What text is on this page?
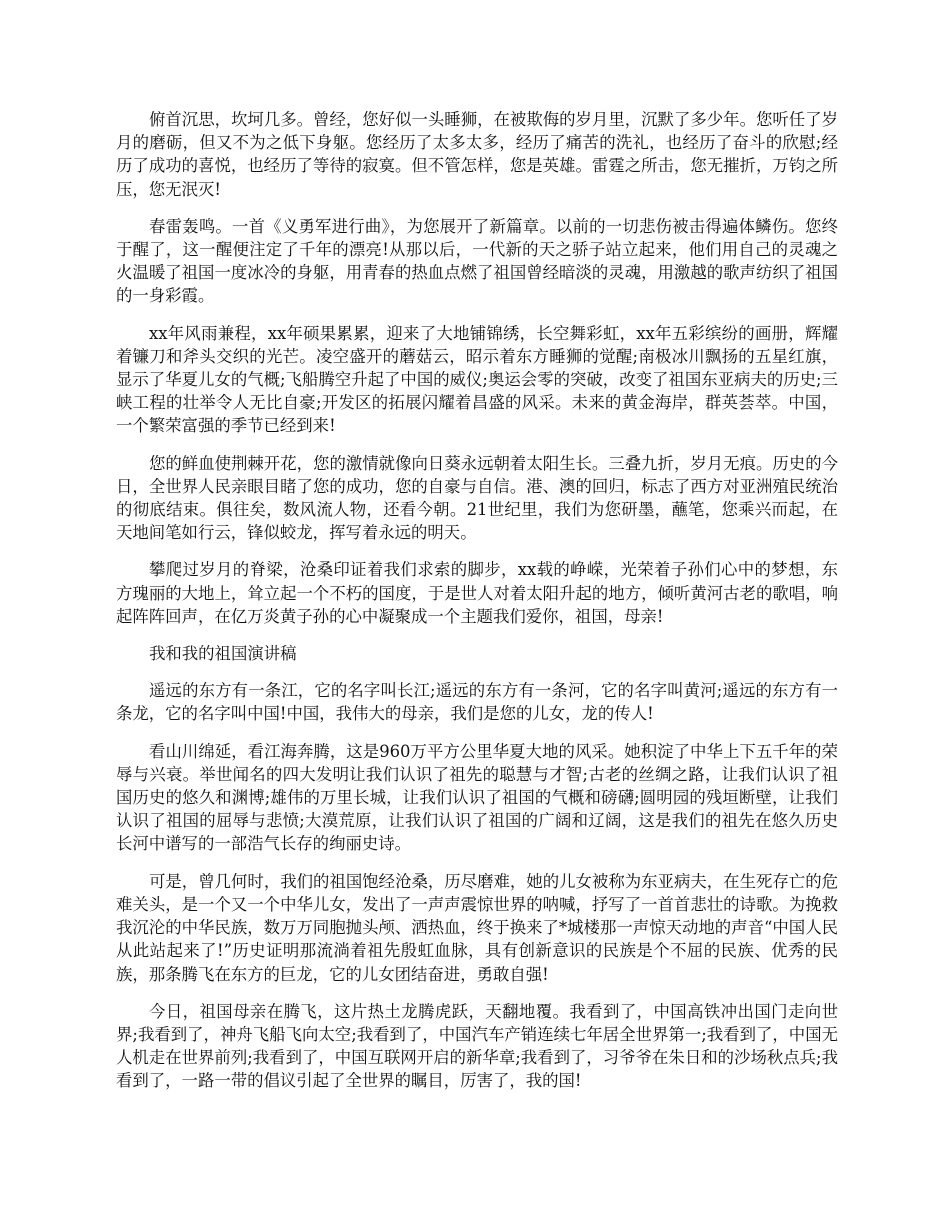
俯首沉思，坎坷几多。曾经，您好似一头睡狮，在被欺侮的岁月里，沉默了多少年。您听任了岁月的磨砺，但又不为之低下身躯。您经历了太多太多，经历了痛苦的洗礼，也经历了奋斗的欣慰;经历了成功的喜悦，也经历了等待的寂寞。但不管怎样，您是英雄。雷霆之所击，您无摧折，万钧之所压，您无泯灭!

春雷轰鸣。一首《义勇军进行曲》，为您展开了新篇章。以前的一切悲伤被击得遍体鳞伤。您终于醒了，这一醒便注定了千年的漂亮!从那以后，一代新的天之骄子站立起来，他们用自己的灵魂之火温暖了祖国一度冰冷的身躯，用青春的热血点燃了祖国曾经暗淡的灵魂，用激越的歌声纺织了祖国的一身彩霞。

xx年风雨兼程，xx年硕果累累，迎来了大地铺锦绣，长空舞彩虹，xx年五彩缤纷的画册，辉耀着镰刀和斧头交织的光芒。凌空盛开的蘑菇云，昭示着东方睡狮的觉醒;南极冰川飘扬的五星红旗，显示了华夏儿女的气概;飞船腾空升起了中国的威仪;奥运会零的突破，改变了祖国东亚病夫的历史;三峡工程的壮举令人无比自豪;开发区的拓展闪耀着昌盛的风采。未来的黄金海岸，群英荟萃。中国，一个繁荣富强的季节已经到来!

您的鲜血使荆棘开花，您的激情就像向日葵永远朝着太阳生长。三叠九折，岁月无痕。历史的今日，全世界人民亲眼目睹了您的成功，您的自豪与自信。港、澳的回归，标志了西方对亚洲殖民统治的彻底结束。俱往矣，数风流人物，还看今朝。21世纪里，我们为您研墨，蘸笔，您乘兴而起，在天地间笔如行云，锋似蛟龙，挥写着永远的明天。

攀爬过岁月的脊梁，沧桑印证着我们求索的脚步，xx载的峥嵘，光荣着子孙们心中的梦想，东方瑰丽的大地上，耸立起一个不朽的国度，于是世人对着太阳升起的地方，倾听黄河古老的歌唱，响起阵阵回声，在亿万炎黄子孙的心中凝聚成一个主题我们爱你，祖国，母亲!

我和我的祖国演讲稿

遥远的东方有一条江，它的名字叫长江;遥远的东方有一条河，它的名字叫黄河;遥远的东方有一条龙，它的名字叫中国!中国，我伟大的母亲，我们是您的儿女，龙的传人!

看山川绵延，看江海奔腾，这是960万平方公里华夏大地的风采。她积淀了中华上下五千年的荣辱与兴衰。举世闻名的四大发明让我们认识了祖先的聪慧与才智;古老的丝绸之路，让我们认识了祖国历史的悠久和渊博;雄伟的万里长城，让我们认识了祖国的气概和磅礴;圆明园的残垣断壁，让我们认识了祖国的屈辱与悲愤;大漠荒原，让我们认识了祖国的广阔和辽阔，这是我们的祖先在悠久历史长河中谱写的一部浩气长存的绚丽史诗。

可是，曾几何时，我们的祖国饱经沧桑，历尽磨难，她的儿女被称为东亚病夫，在生死存亡的危难关头，是一个又一个中华儿女，发出了一声声震惊世界的呐喊，抒写了一首首悲壮的诗歌。为挽救我沉沦的中华民族，数万万同胞抛头颅、洒热血，终于换来了*城楼那一声惊天动地的声音“中国人民从此站起来了!”历史证明那流淌着祖先殷虹血脉，具有创新意识的民族是个不屈的民族、优秀的民族，那条腾飞在东方的巨龙，它的儿女团结奋进，勇敢自强!

今日，祖国母亲在腾飞，这片热土龙腾虎跃，天翻地覆。我看到了，中国高铁冲出国门走向世界;我看到了，神舟飞船飞向太空;我看到了，中国汽车产销连续七年居全世界第一;我看到了，中国无人机走在世界前列;我看到了，中国互联网开启的新华章;我看到了，习爷爷在朱日和的沙场秋点兵;我看到了，一路一带的倡议引起了全世界的瞩目，厉害了，我的国!
